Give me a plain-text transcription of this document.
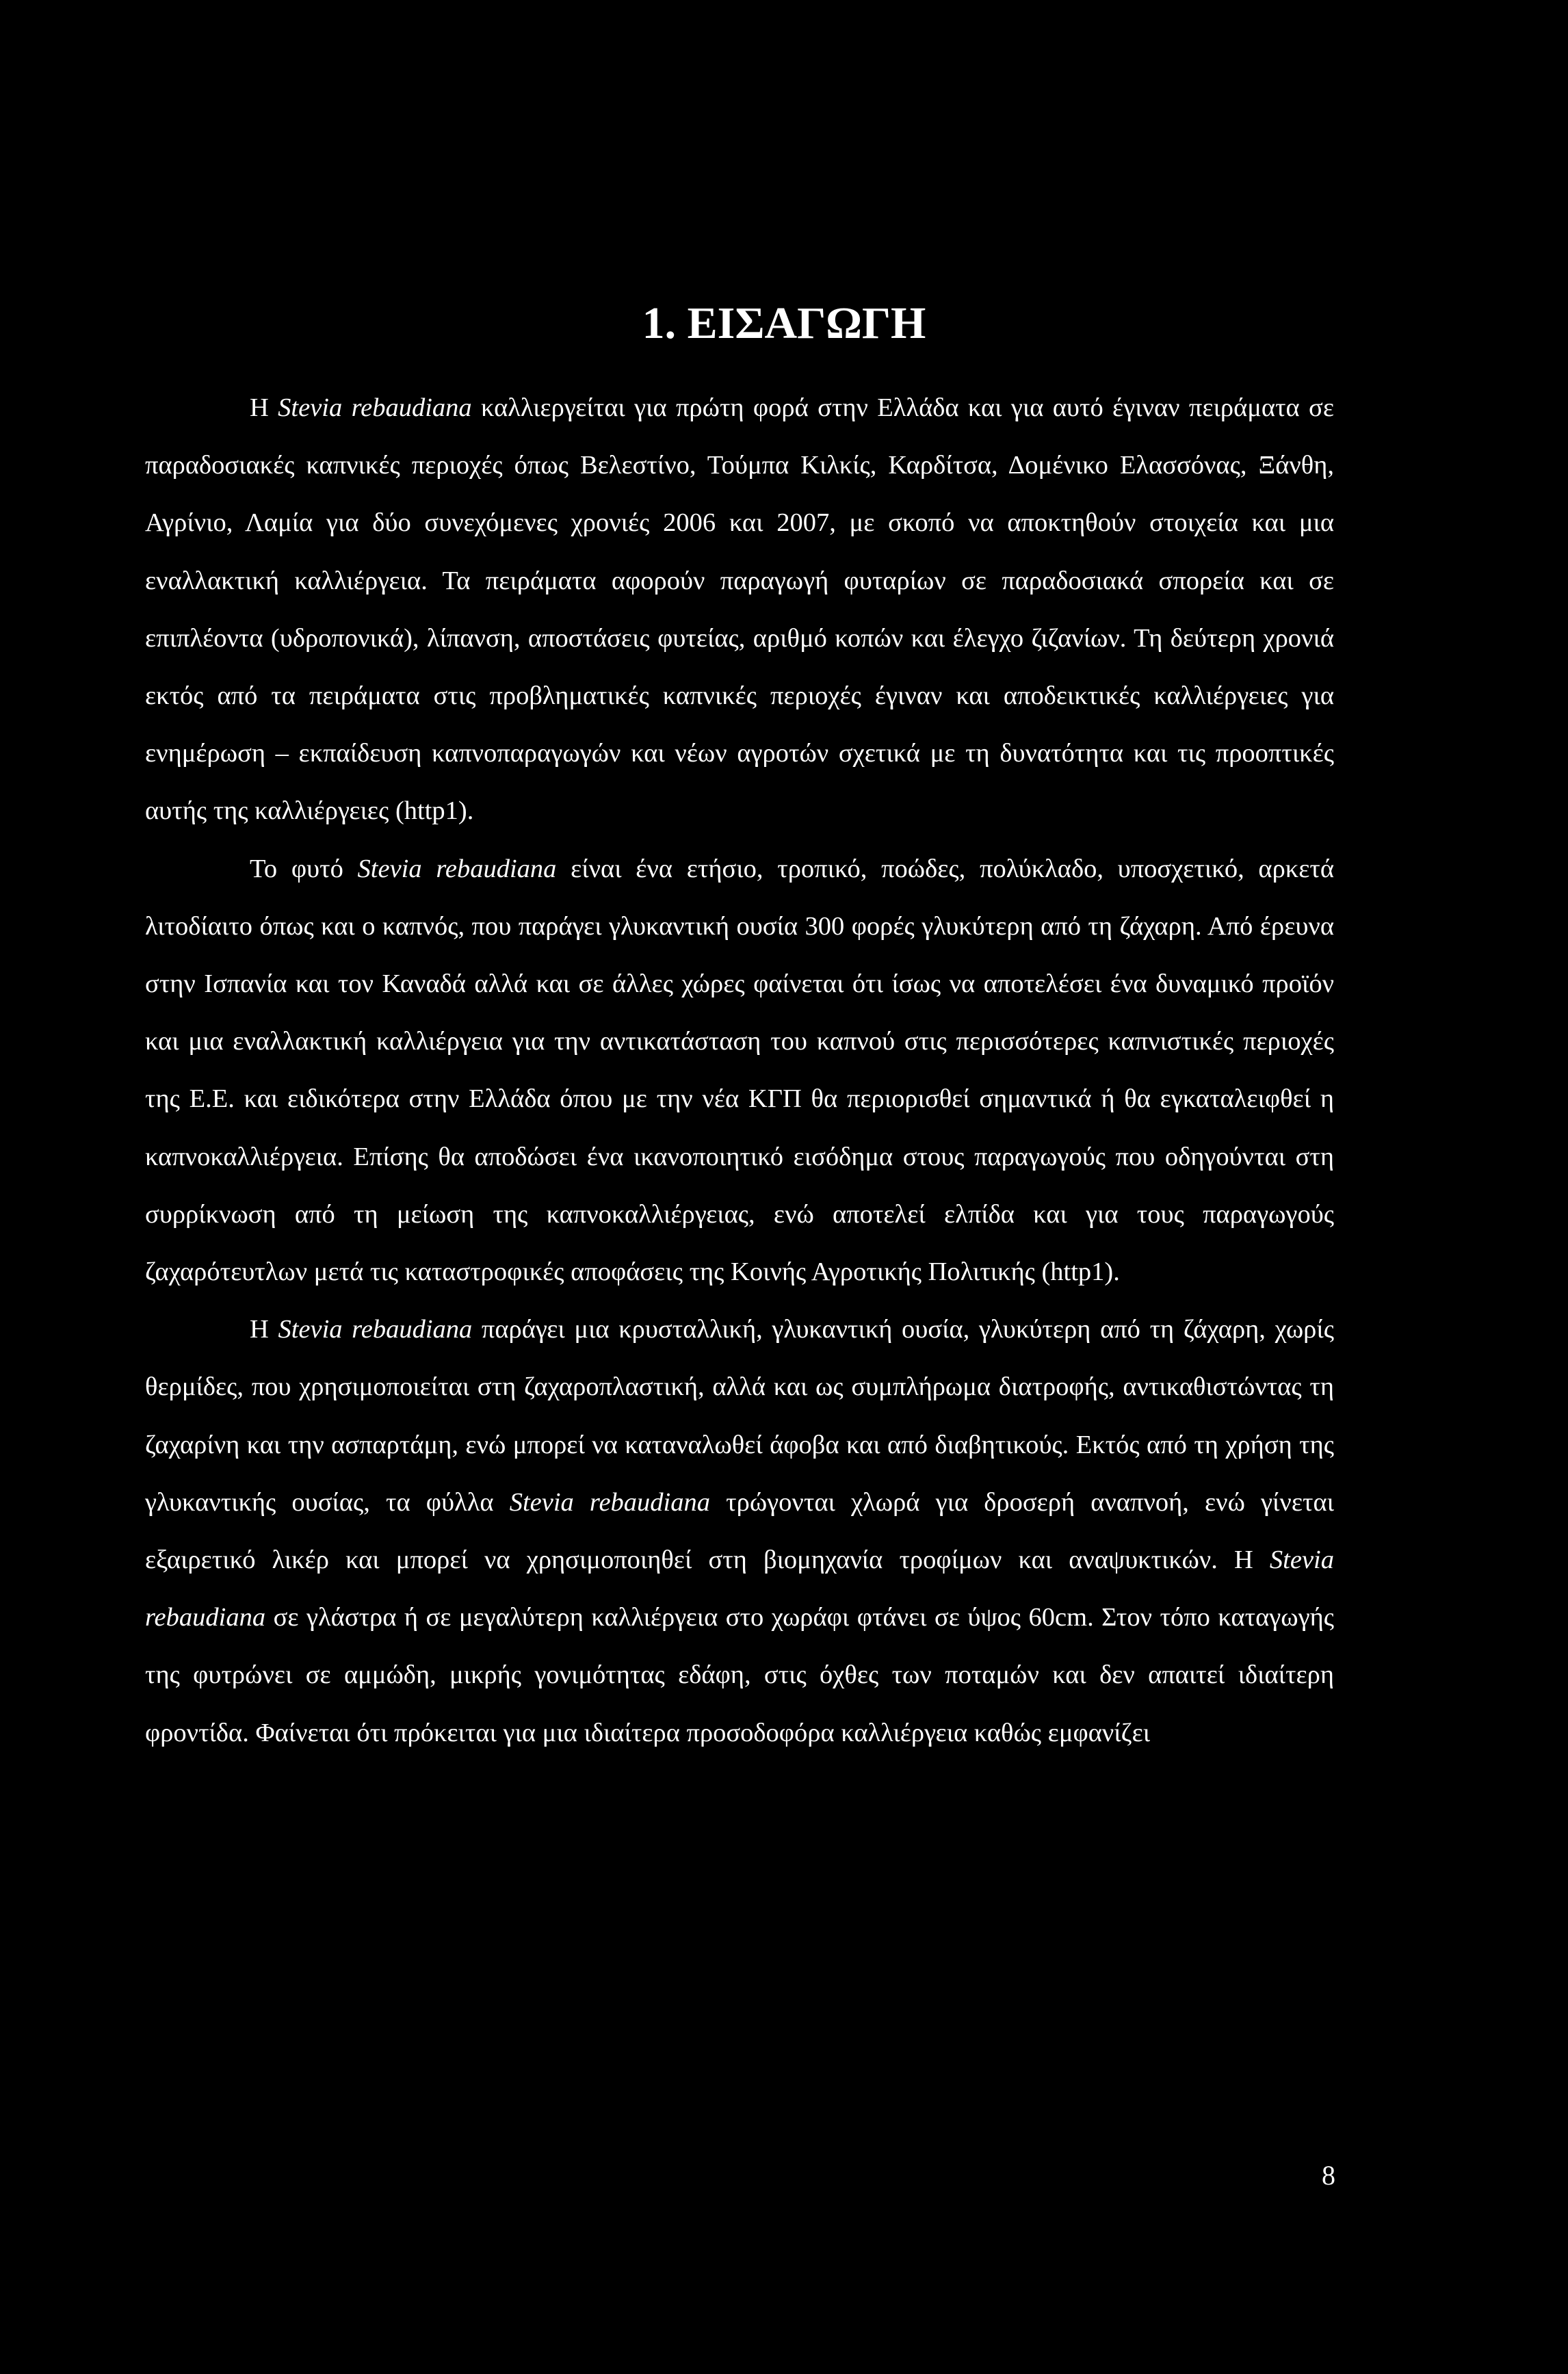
1. ΕΙΣΑΓΩΓΗ

Η Stevia rebaudiana καλλιεργείται για πρώτη φορά στην Ελλάδα και για αυτό έγιναν πειράματα σε παραδοσιακές καπνικές περιοχές όπως Βελεστίνο, Τούμπα Κιλκίς, Καρδίτσα, Δομένικο Ελασσόνας, Ξάνθη, Αγρίνιο, Λαμία για δύο συνεχόμενες χρονιές 2006 και 2007, με σκοπό να αποκτηθούν στοιχεία και μια εναλλακτική καλλιέργεια. Τα πειράματα αφορούν παραγωγή φυταρίων σε παραδοσιακά σπορεία και σε επιπλέοντα (υδροπονικά), λίπανση, αποστάσεις φυτείας, αριθμό κοπών και έλεγχο ζιζανίων. Τη δεύτερη χρονιά εκτός από τα πειράματα στις προβληματικές καπνικές περιοχές έγιναν και αποδεικτικές καλλιέργειες για ενημέρωση – εκπαίδευση καπνοπαραγωγών και νέων αγροτών σχετικά με τη δυνατότητα και τις προοπτικές αυτής της καλλιέργειες (http1).

Το φυτό Stevia rebaudiana είναι ένα ετήσιο, τροπικό, ποώδες, πολύκλαδο, υποσχετικό, αρκετά λιτοδίαιτο όπως και ο καπνός, που παράγει γλυκαντική ουσία 300 φορές γλυκύτερη από τη ζάχαρη. Από έρευνα στην Ισπανία και τον Καναδά αλλά και σε άλλες χώρες φαίνεται ότι ίσως να αποτελέσει ένα δυναμικό προϊόν και μια εναλλακτική καλλιέργεια για την αντικατάσταση του καπνού στις περισσότερες καπνιστικές περιοχές της Ε.Ε. και ειδικότερα στην Ελλάδα όπου με την νέα ΚΓΠ θα περιορισθεί σημαντικά ή θα εγκαταλειφθεί η καπνοκαλλιέργεια. Επίσης θα αποδώσει ένα ικανοποιητικό εισόδημα στους παραγωγούς που οδηγούνται στη συρρίκνωση από τη μείωση της καπνοκαλλιέργειας, ενώ αποτελεί ελπίδα και για τους παραγωγούς ζαχαρότευτλων μετά τις καταστροφικές αποφάσεις της Κοινής Αγροτικής Πολιτικής (http1).

Η Stevia rebaudiana παράγει μια κρυσταλλική, γλυκαντική ουσία, γλυκύτερη από τη ζάχαρη, χωρίς θερμίδες, που χρησιμοποιείται στη ζαχαροπλαστική, αλλά και ως συμπλήρωμα διατροφής, αντικαθιστώντας τη ζαχαρίνη και την ασπαρτάμη, ενώ μπορεί να καταναλωθεί άφοβα και από διαβητικούς. Εκτός από τη χρήση της γλυκαντικής ουσίας, τα φύλλα Stevia rebaudiana τρώγονται χλωρά για δροσερή αναπνοή, ενώ γίνεται εξαιρετικό λικέρ και μπορεί να χρησιμοποιηθεί στη βιομηχανία τροφίμων και αναψυκτικών. Η Stevia rebaudiana σε γλάστρα ή σε μεγαλύτερη καλλιέργεια στο χωράφι φτάνει σε ύψος 60cm. Στον τόπο καταγωγής της φυτρώνει σε αμμώδη, μικρής γονιμότητας εδάφη, στις όχθες των ποταμών και δεν απαιτεί ιδιαίτερη φροντίδα. Φαίνεται ότι πρόκειται για μια ιδιαίτερα προσοδοφόρα καλλιέργεια καθώς εμφανίζει

8
